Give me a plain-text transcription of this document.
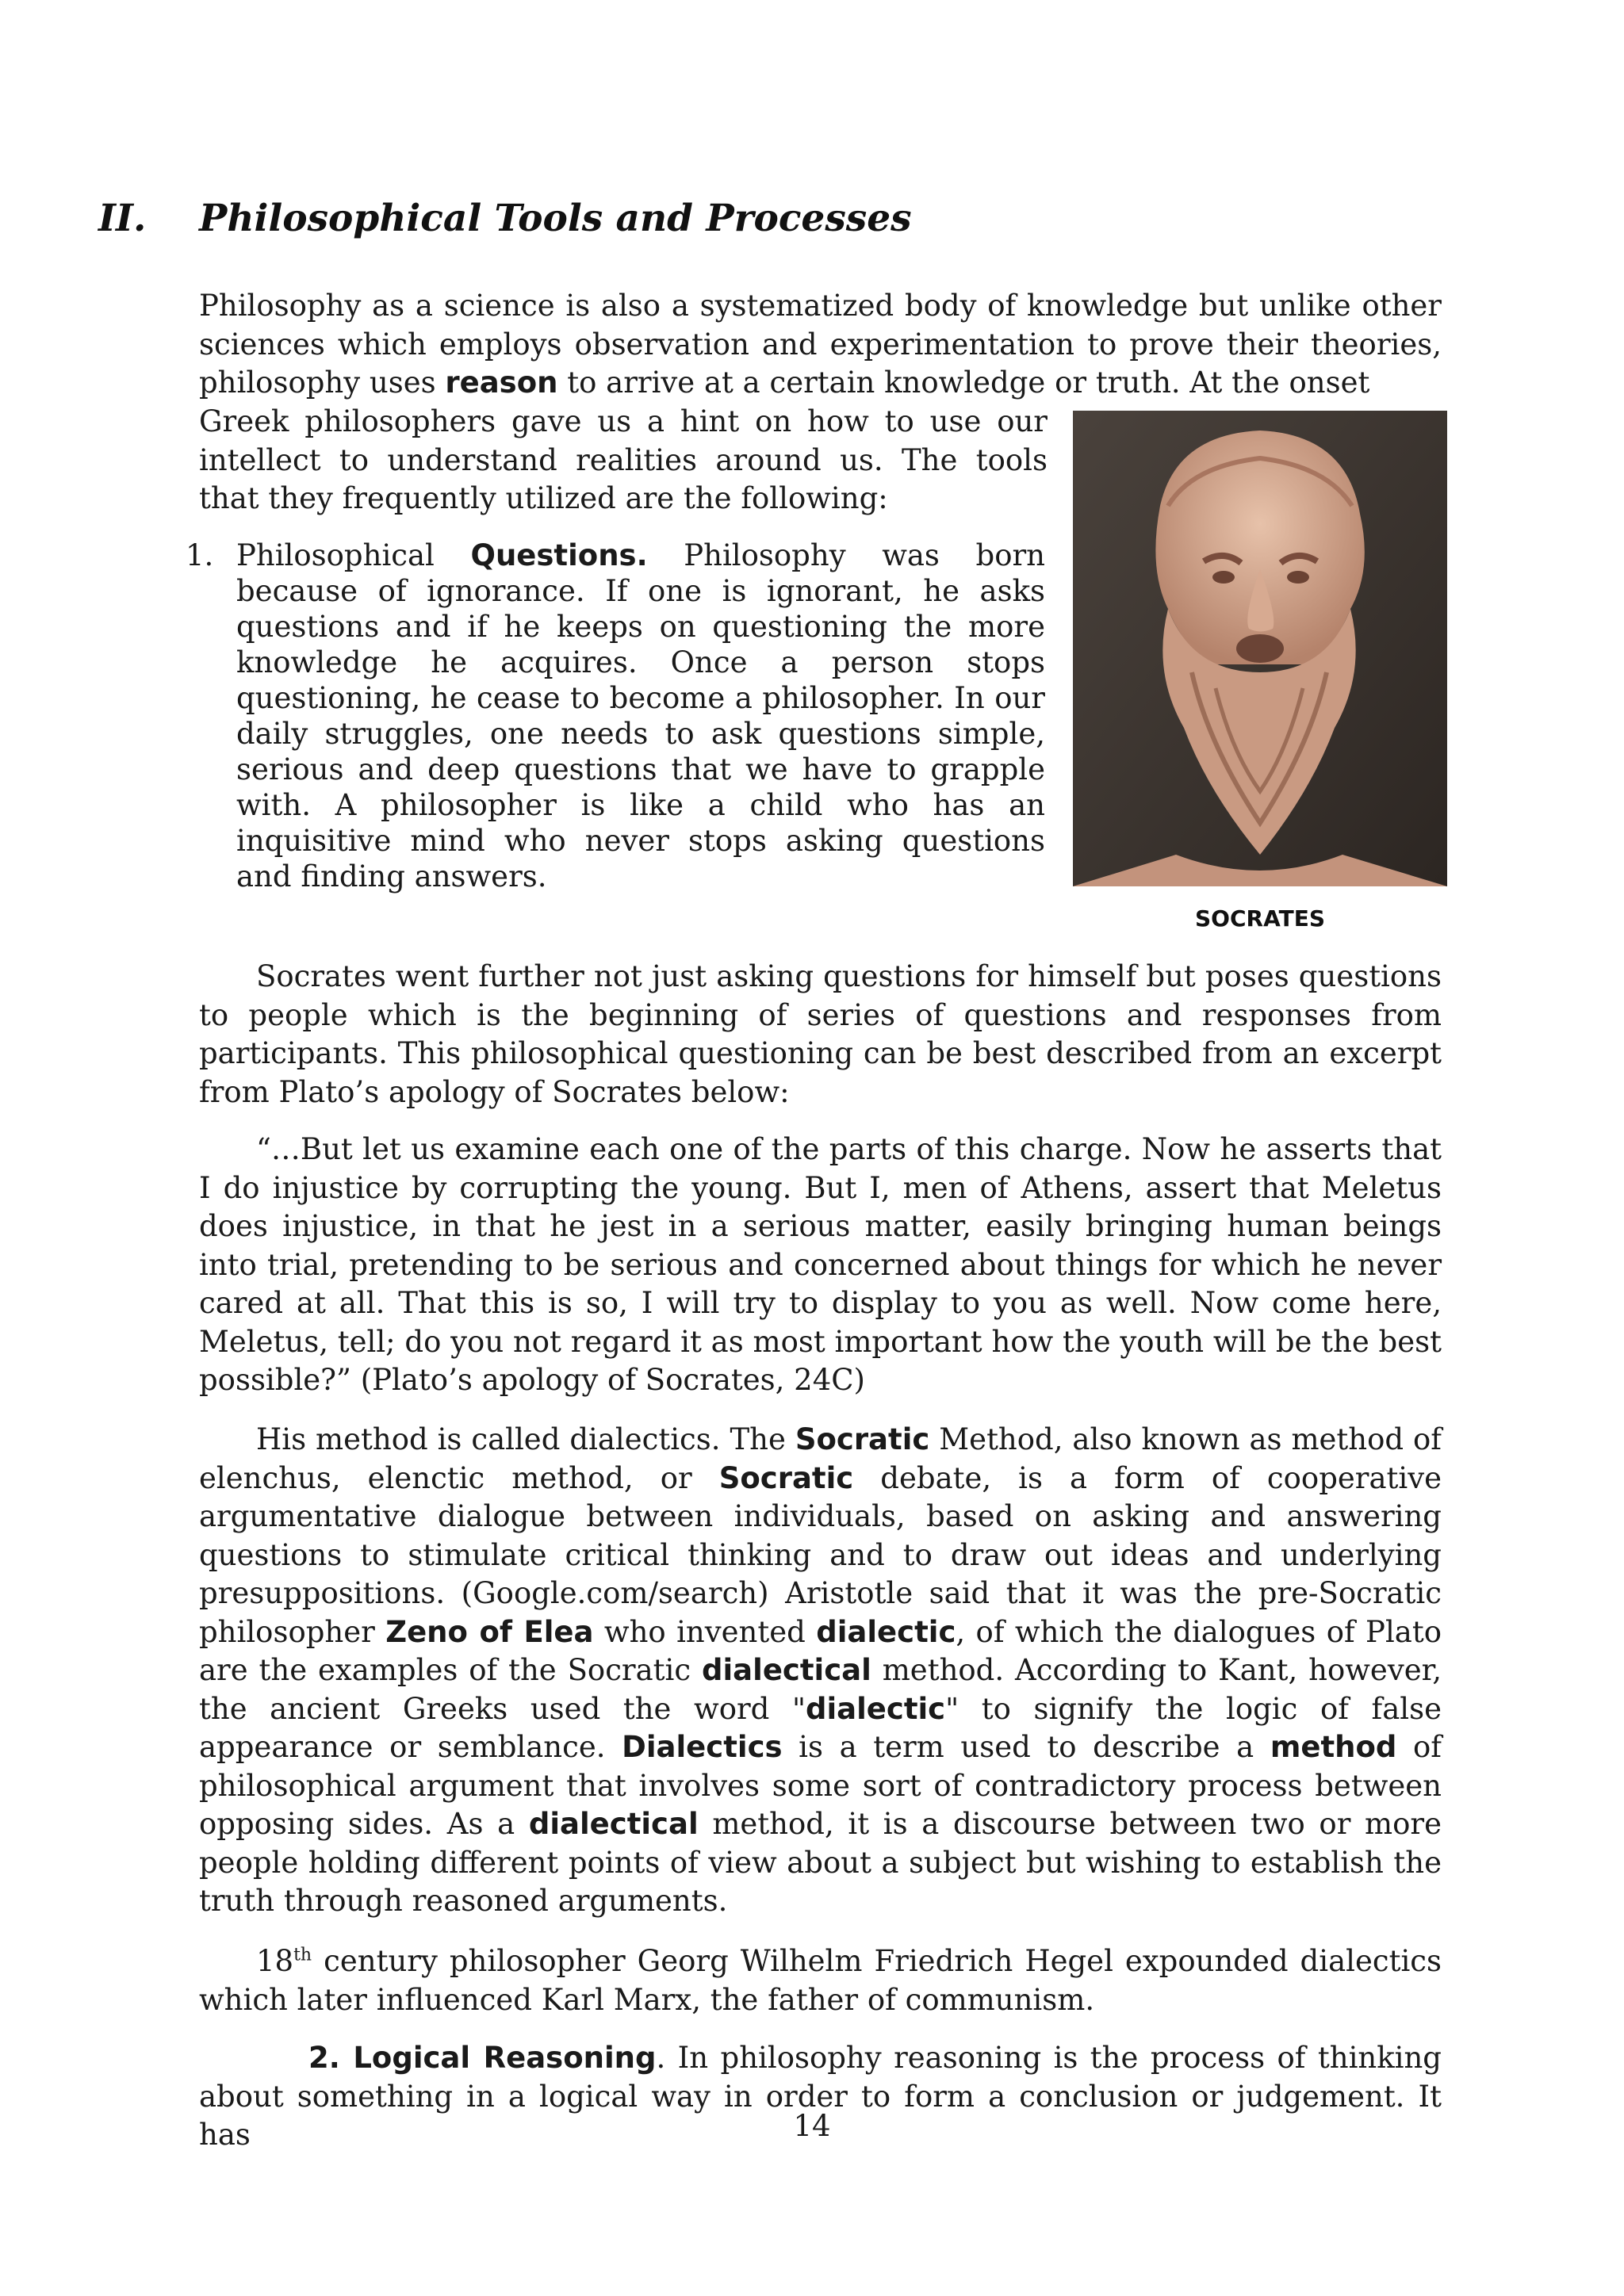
II. Philosophical Tools and Processes

Philosophy as a science is also a systematized body of knowledge but unlike other sciences which employs observation and experimentation to prove their theories, philosophy uses reason to arrive at a certain knowledge or truth. At the onset

Greek philosophers gave us a hint on how to use our intellect to understand realities around us. The tools that they frequently utilized are the following:

1. Philosophical Questions. Philosophy was born because of ignorance. If one is ignorant, he asks questions and if he keeps on questioning the more knowledge he acquires. Once a person stops questioning, he cease to become a philosopher. In our daily struggles, one needs to ask questions simple, serious and deep questions that we have to grapple with. A philosopher is like a child who has an inquisitive mind who never stops asking questions and finding answers.
SOCRATES

Socrates went further not just asking questions for himself but poses questions to people which is the beginning of series of questions and responses from participants. This philosophical questioning can be best described from an excerpt from Plato’s apology of Socrates below:

“…But let us examine each one of the parts of this charge. Now he asserts that I do injustice by corrupting the young. But I, men of Athens, assert that Meletus does injustice, in that he jest in a serious matter, easily bringing human beings into trial, pretending to be serious and concerned about things for which he never cared at all. That this is so, I will try to display to you as well. Now come here, Meletus, tell; do you not regard it as most important how the youth will be the best possible?” (Plato’s apology of Socrates, 24C)

His method is called dialectics. The Socratic Method, also known as method of elenchus, elenctic method, or Socratic debate, is a form of cooperative argumentative dialogue between individuals, based on asking and answering questions to stimulate critical thinking and to draw out ideas and underlying presuppositions. (Google.com/search) Aristotle said that it was the pre-Socratic philosopher Zeno of Elea who invented dialectic, of which the dialogues of Plato are the examples of the Socratic dialectical method. According to Kant, however, the ancient Greeks used the word "dialectic" to signify the logic of false appearance or semblance. Dialectics is a term used to describe a method of philosophical argument that involves some sort of contradictory process between opposing sides. As a dialectical method, it is a discourse between two or more people holding different points of view about a subject but wishing to establish the truth through reasoned arguments.

18th century philosopher Georg Wilhelm Friedrich Hegel expounded dialectics which later influenced Karl Marx, the father of communism.

2. Logical Reasoning. In philosophy reasoning is the process of thinking about something in a logical way in order to form a conclusion or judgement. It has	14
